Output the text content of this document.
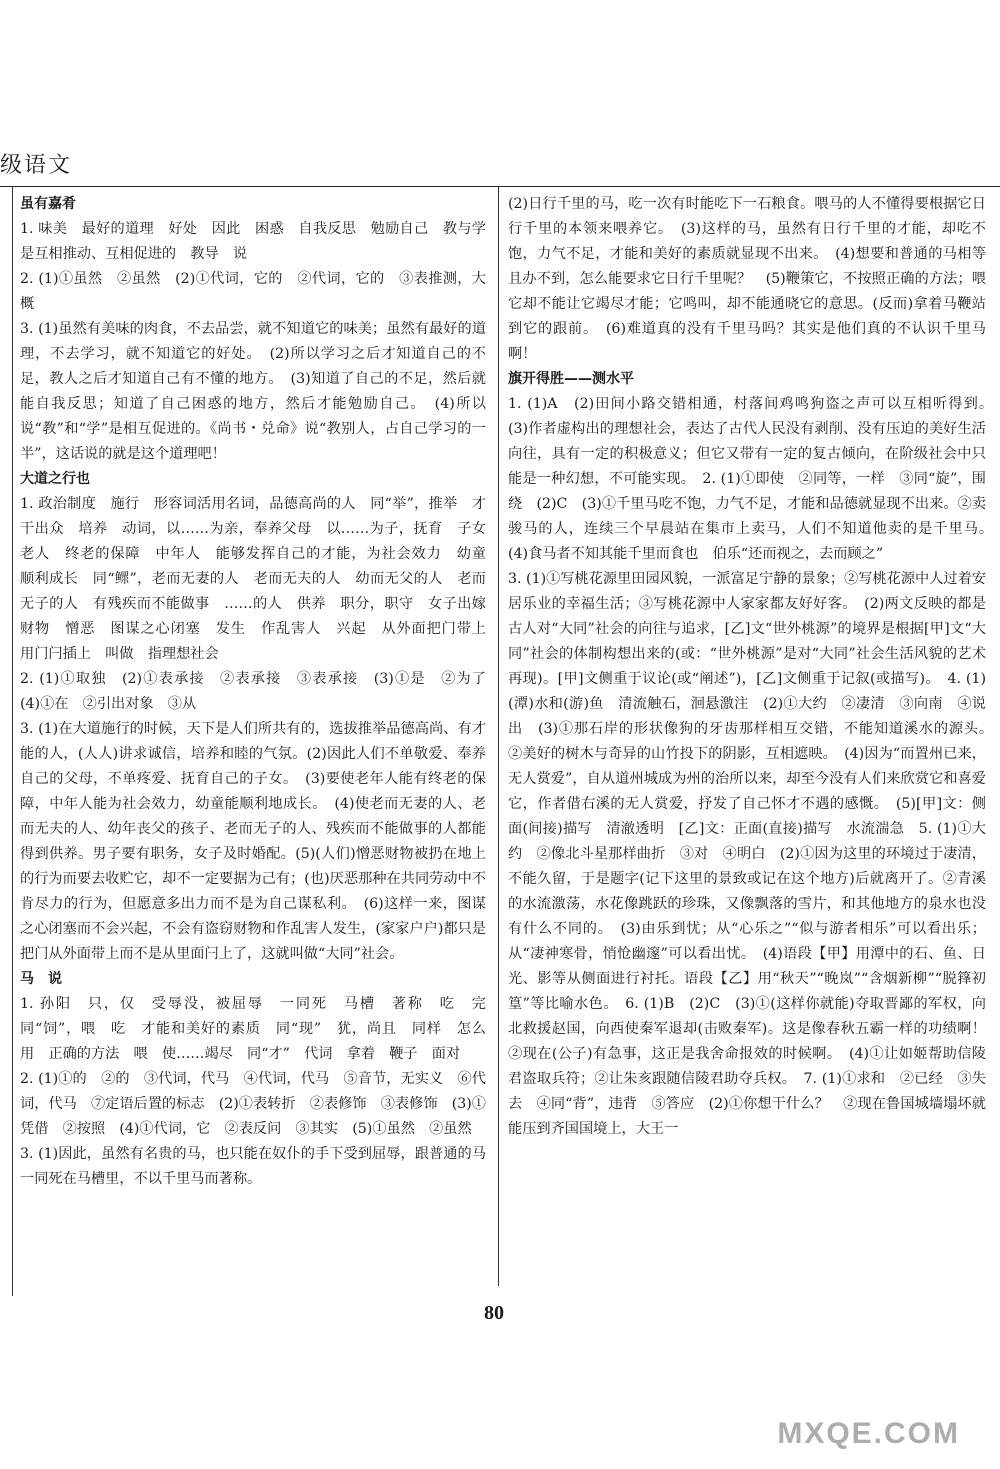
级语文

虽有嘉肴

1. 味美　最好的道理　好处　因此　困惑　自我反思　勉励自己　教与学是互相推动、互相促进的　教导　说

2. (1)①虽然　②虽然　(2)①代词，它的　②代词，它的　③表推测，大概

3. (1)虽然有美味的肉食，不去品尝，就不知道它的味美；虽然有最好的道理，不去学习，就不知道它的好处。　(2)所以学习之后才知道自己的不足，教人之后才知道自己有不懂的地方。　(3)知道了自己的不足，然后就能自我反思；知道了自己困惑的地方，然后才能勉励自己。　(4)所以说“教”和“学”是相互促进的。《尚书・兑命》说“教别人，占自己学习的一半”，这话说的就是这个道理吧！

大道之行也

1. 政治制度　施行　形容词活用名词，品德高尚的人　同“举”，推举　才干出众　培养　动词，以……为亲，奉养父母　以……为子，抚育　子女　老人　终老的保障　中年人　能够发挥自己的才能，为社会效力　幼童　顺利成长　同“鳏”，老而无妻的人　老而无夫的人　幼而无父的人　老而无子的人　有残疾而不能做事　……的人　供养　职分，职守　女子出嫁　财物　憎恶　图谋之心闭塞　发生　作乱害人　兴起　从外面把门带上　用门闩插上　叫做　指理想社会

2. (1)①取独　(2)①表承接　②表承接　③表承接　(3)①是　②为了　(4)①在　②引出对象　③从

3. (1)在大道施行的时候，天下是人们所共有的，选拔推举品德高尚、有才能的人，(人人)讲求诚信，培养和睦的气氛。(2)因此人们不单敬爱、奉养自己的父母，不单疼爱、抚育自己的子女。　(3)要使老年人能有终老的保障，中年人能为社会效力，幼童能顺利地成长。　(4)使老而无妻的人、老而无夫的人、幼年丧父的孩子、老而无子的人、残疾而不能做事的人都能得到供养。男子要有职务，女子及时婚配。(5)(人们)憎恶财物被扔在地上的行为而要去收贮它，却不一定要据为己有；(也)厌恶那种在共同劳动中不肯尽力的行为，但愿意多出力而不是为自己谋私利。　(6)这样一来，图谋之心闭塞而不会兴起，不会有盗窃财物和作乱害人发生，(家家户户)都只是把门从外面带上而不是从里面闩上了，这就叫做“大同”社会。

马　说

1. 孙阳　只，仅　受辱没，被屈辱　一同死　马槽　著称　吃　完　同“饲”，喂　吃　才能和美好的素质　同“现”　犹，尚且　同样　怎么　用　正确的方法　喂　使……竭尽　同“才”　代词　拿着　鞭子　面对

2. (1)①的　②的　③代词，代马　④代词，代马　⑤音节，无实义　⑥代词，代马　⑦定语后置的标志　(2)①表转折　②表修饰　③表修饰　(3)①凭借　②按照　(4)①代词，它　②表反问　③其实　(5)①虽然　②虽然

3. (1)因此，虽然有名贵的马，也只能在奴仆的手下受到屈辱，跟普通的马一同死在马槽里，不以千里马而著称。

(2)日行千里的马，吃一次有时能吃下一石粮食。喂马的人不懂得要根据它日行千里的本领来喂养它。　(3)这样的马，虽然有日行千里的才能，却吃不饱，力气不足，才能和美好的素质就显现不出来。　(4)想要和普通的马相等且办不到，怎么能要求它日行千里呢？　(5)鞭策它，不按照正确的方法；喂它却不能让它竭尽才能；它鸣叫，却不能通晓它的意思。(反而)拿着马鞭站到它的跟前。　(6)难道真的没有千里马吗？其实是他们真的不认识千里马啊！

旗开得胜——测水平

1. (1)A　(2)田间小路交错相通，村落间鸡鸣狗盗之声可以互相听得到。　(3)作者虚构出的理想社会，表达了古代人民没有剥削、没有压迫的美好生活向往，具有一定的积极意义；但它又带有一定的复古倾向，在阶级社会中只能是一种幻想，不可能实现。　2. (1)①即使　②同等，一样　③同“旋”，围绕　(2)C　(3)①千里马吃不饱，力气不足，才能和品德就显现不出来。②卖骏马的人，连续三个早晨站在集市上卖马，人们不知道他卖的是千里马。　(4)食马者不知其能千里而食也　伯乐“还而视之，去而顾之”

3. (1)①写桃花源里田园风貌，一派富足宁静的景象；②写桃花源中人过着安居乐业的幸福生活；③写桃花源中人家家都友好好客。　(2)两文反映的都是古人对“大同”社会的向往与追求，[乙]文“世外桃源”的境界是根据[甲]文“大同”社会的体制构想出来的(或：“世外桃源”是对“大同”社会生活风貌的艺术再现)。[甲]文侧重于议论(或“阐述”)，[乙]文侧重于记叙(或描写)。　4. (1)(潭)水和(游)鱼　清流触石，洄悬激注　(2)①大约　②凄清　③向南　④说出　(3)①那石岸的形状像狗的牙齿那样相互交错，不能知道溪水的源头。　②美好的树木与奇异的山竹投下的阴影，互相遮映。　(4)因为“而置州已来，无人赏爱”，自从道州城成为州的治所以来，却至今没有人们来欣赏它和喜爱它，作者借右溪的无人赏爱，抒发了自己怀才不遇的感慨。　(5)[甲]文：侧面(间接)描写　清澈透明　[乙]文：正面(直接)描写　水流湍急　5. (1)①大约　②像北斗星那样曲折　③对　④明白　(2)①因为这里的环境过于凄清，不能久留，于是题字(记下这里的景致或记在这个地方)后就离开了。②青溪的水流激荡，水花像跳跃的珍珠，又像飘落的雪片，和其他地方的泉水也没有什么不同的。　(3)由乐到忧；从“心乐之”“似与游者相乐”可以看出乐；从“凄神寒骨，悄怆幽邃”可以看出忧。　(4)语段【甲】用潭中的石、鱼、日光、影等从侧面进行衬托。语段【乙】用“秋天”“晚岚”“含烟新柳”“脱箨初篁”等比喻水色。　6. (1)B　(2)C　(3)①(这样你就能)夺取晋鄙的军权，向北救援赵国，向西使秦军退却(击败秦军)。这是像春秋五霸一样的功绩啊！②现在(公子)有急事，这正是我舍命报效的时候啊。　(4)①让如姬帮助信陵君盗取兵符；②让朱亥跟随信陵君助夺兵权。　7. (1)①求和　②已经　③失去　④同“背”，违背　⑤答应　(2)①你想干什么？　②现在鲁国城墙塌坏就能压到齐国国境上，大王一

80
MXQE.COM
